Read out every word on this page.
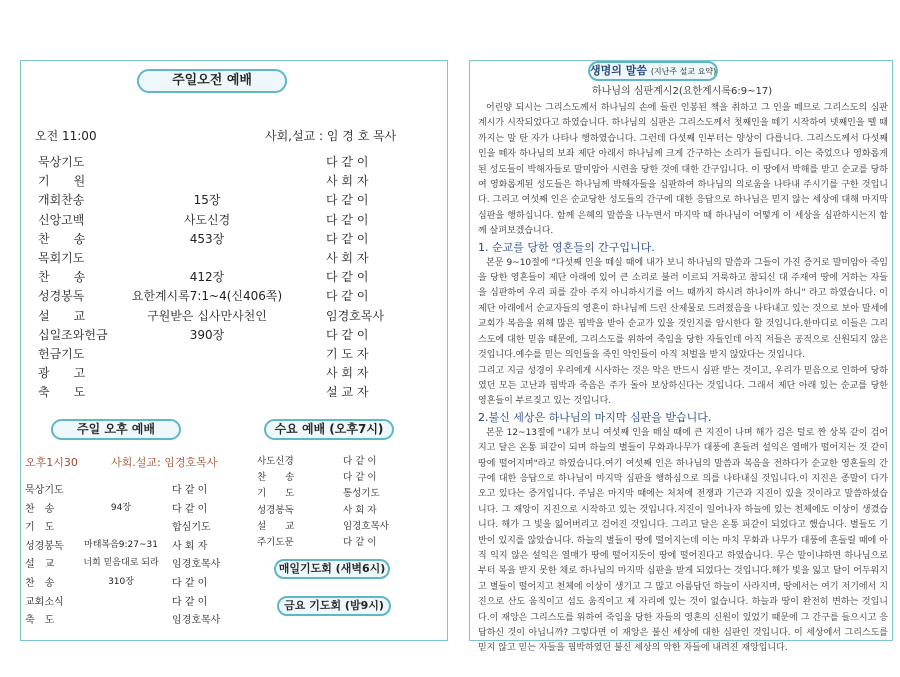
주일오전 예배
오전 11:00	사회,설교 : 임 경 호 목사
묵상기도	다 같 이
기　　원	사 회 자
개회찬송	15장	다 같 이
신앙고백	사도신경	다 같 이
찬　　송	453장	다 같 이
목회기도	사 회 자
찬　　송	412장	다 같 이
성경봉독	요한계시록7:1~4(신406쪽)	다 같 이
설　　교	구원받은 십사만사천인	임경호목사
십일조와헌금	390장	다 같 이
헌금기도	기 도 자
광　　고	사 회 자
축　　도	설 교 자
주일 오후 예배	수요 예배 (오후7시)
오후1시30	사회.설교: 임경호목사
묵상기도	다 같 이
찬　송	94장	다 같 이
기　도	합심기도
성경봉독	마태복음9:27~31	사 회 자
설　교	너희 믿음대로 되라	임경호목사
찬　송	310장	다 같 이
교회소식	다 같 이
축　도	임경호목사
사도신경	다 같 이
찬　　송	다 같 이
기　　도	통성기도
성경봉독	사 회 자
설　　교	임경호목사
주기도문	다 같 이
매일기도회 (새벽6시)
금요 기도회 (밤9시)
생명의 말씀 (지난주 설교 요약)
하나님의 심판계시2(요한계시록6:9~17)

어린양 되시는 그리스도께서 하나님의 손에 들린 인봉된 책을 취하고 그 인을 떼므로 그리스도의 심판계시가 시작되었다고 하였습니다. 하나님의 심판은 그리스도께서 첫째인을 떼기 시작하여 넷째인을 뗄 때까지는 말 탄 자가 나타나 행하였습니다. 그런데 다섯째 인부터는 양상이 다릅니다. 그리스도께서 다섯째인을 떼자 하나님의 보좌 제단 아래서 하나님께 크게 간구하는 소리가 들립니다. 이는 죽었으나 영화롭게된 성도들이 박해자들로 말미암아 시련을 당한 것에 대한 간구입니다. 이 땅에서 박해를 받고 순교를 당하여 영화롭게된 성도들은 하나님께 박해자들을 심판하여 하나님의 의로움을 나타내 주시기를 구한 것입니다. 그리고 여섯째 인은 순교당한 성도들의 간구에 대한 응답으로 하나님은 믿지 않는 세상에 대해 마지막 심판을 행하십니다. 함께 은혜의 말씀을 나누면서 마지막 때 하나님이 어떻게 이 세상을 심판하시는지 함께 살펴보겠습니다.

1. 순교를 당한 영혼들의 간구입니다.

본문 9~10절에 "다섯째 인을 떼실 때에 내가 보니 하나님의 말씀과 그들이 가진 증거로 말미암아 죽임을 당한 영혼들이 제단 아래에 있어 큰 소리로 불러 이르되 거룩하고 참되신 대 주재여 땅에 거하는 자들을 심판하여 우리 피를 갚아 주지 아니하시기를 어느 때까지 하시려 하나이까 하니" 라고 하였습니다. 이 제단 아래에서 순교자들의 영혼이 하나님께 드린 산제물로 드려졌음을 나타내고 있는 것으로 보아 말세에 교회가 복음을 위해 많은 핍박을 받아 순교가 있을 것인지를 암시한다 할 것입니다.한마디로 이들은 그리스도에 대한 믿음 때문에, 그리스도를 위하여 죽임을 당한 자들인데 아직 저들은 공적으로 신원되지 않은 것입니다.예수를 믿는 의인들을 죽인 악인들이 아직 처벌을 받지 않았다는 것입니다.

그리고 지금 성경이 우리에게 시사하는 것은 악은 반드시 심판 받는 것이고, 우리가 믿음으로 인하여 당하였던 모든 고난과 핍박과 죽음은 주가 돌아 보상하신다는 것입니다. 그래서 제단 아래 있는 순교를 당한 영혼들이 부르짖고 있는 것입니다.

2.불신 세상은 하나님의 마지막 심판을 받습니다.

본문 12~13절에 "내가 보니 여섯째 인을 떼실 때에 큰 지진이 나며 해가 검은 털로 짠 상복 같이 검어지고 달은 온통 피같이 되며 하늘의 별들이 무화과나무가 대풍에 흔들려 설익은 열매가 떨어지는 것 같이 땅에 떨어지며"라고 하였습니다.여기 여섯째 인은 하나님의 말씀과 복음을 전하다가 순교한 영혼들의 간구에 대한 응답으로 하나님이 마지막 심판을 행하심으로 의를 나타내실 것입니다.이 지진은 종말이 다가오고 있다는 증거입니다. 주님은 마지막 때에는 처처에 전쟁과 기근과 지진이 있을 것이라고 말씀하셨습니다. 그 재앙이 지진으로 시작하고 있는 것입니다.지진이 일어나자 하늘에 있는 천체에도 이상이 생겼습니다. 해가 그 빛을 잃어버리고 검어진 것입니다. 그리고 달은 온통 피같이 되었다고 했습니다. 별들도 기반이 있지를 않았습니다. 하늘의 별들이 땅에 떨어지는데 이는 마치 무화과 나무가 대풍에 흔들릴 때에 아직 익지 않은 설익은 열매가 땅에 떨어지듯이 땅에 떨어진다고 하였습니다. 무슨 말이냐하면 하나님으로부터 복을 받지 못한 채로 하나님의 마지막 심판을 받게 되었다는 것입니다.해가 빛을 잃고 달이 어두워지고 별들이 떨어지고 천체에 이상이 생기고 그 많고 아름답던 하늘이 사라지며, 땅에서는 여기 저기에서 지진으로 산도 움직이고 섬도 움직이고 제 자리에 있는 것이 없습니다. 하늘과 땅이 완전히 변하는 것입니다.이 재앙은 그리스도를 위하여 죽임을 당한 자들의 영혼의 신원이 있었기 때문에 그 간구를 들으시고 응답하신 것이 아닙니까? 그렇다면 이 재앙은 불신 세상에 대한 심판인 것입니다. 이 세상에서 그리스도를 믿지 않고 믿는 자들을 핍박하였던 불신 세상의 악한 자들에 내려진 재앙입니다.
